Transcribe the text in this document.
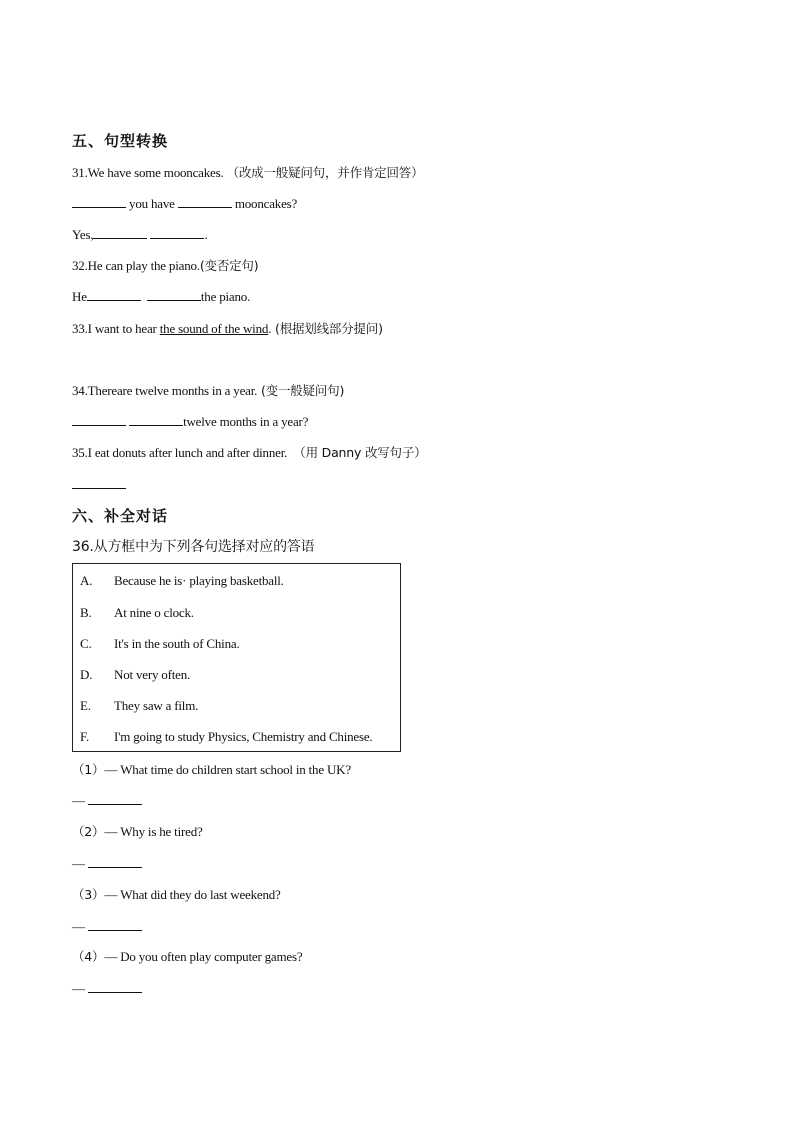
五、句型转换
31.We have some mooncakes. （改成一般疑问句，并作肯定回答）
you have	mooncakes?
Yes,	.
32.He can play the piano.(变否定句)
He	the piano.
33.I want to hear the sound of the wind. (根据划线部分提问)
34.Thereare twelve months in a year. (变一般疑问句)
twelve months in a year?
35.I eat donuts after lunch and after dinner. （用 Danny 改写句子）
六、补全对话
36.从方框中为下列各句选择对应的答语
A. Because he is· playing basketball.
B. At nine o clock.
C. It's in the south of China.
D. Not very often.
E. They saw a film.
F. I'm going to study Physics, Chemistry and Chinese.
（1）— What time do children start school in the UK?
—
（2）— Why is he tired?
—
（3）— What did they do last weekend?
—
（4）— Do you often play computer games?
—
